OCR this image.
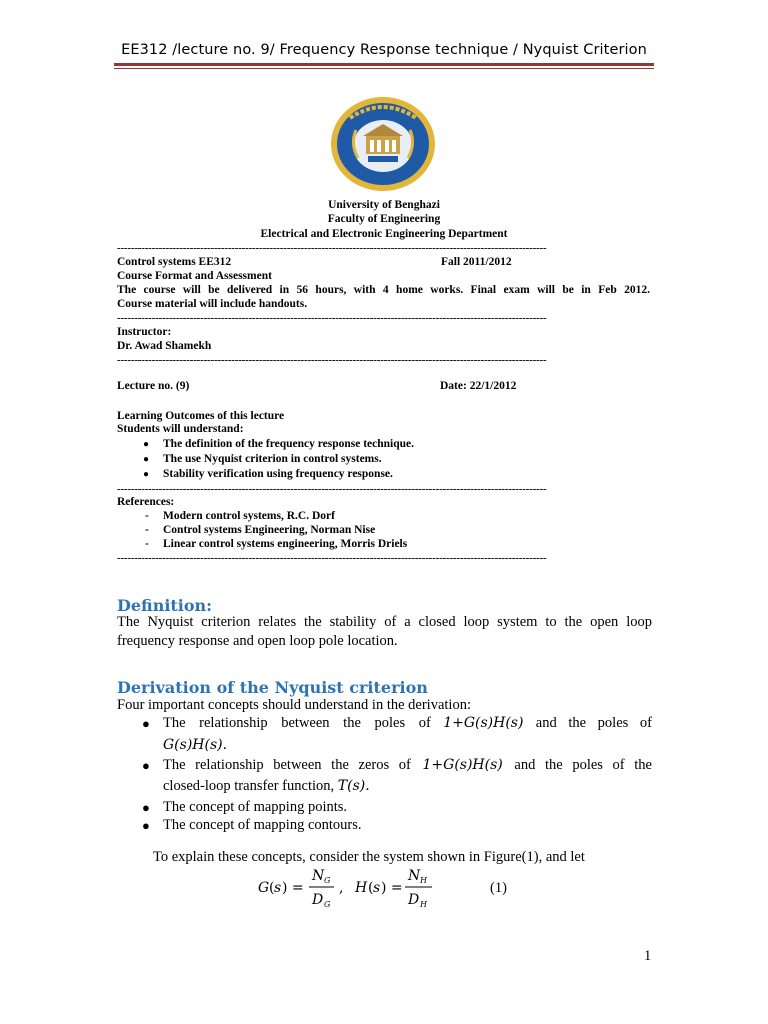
EE312 /lecture no. 9/ Frequency Response technique / Nyquist Criterion
University of Benghazi
Faculty of Engineering
Electrical and Electronic Engineering Department
----------------------------------------------------------------------------------------------------------------------------
Control systems EE312	Fall 2011/2012
Course Format and Assessment
The course will be delivered in 56 hours, with 4 home works. Final exam will be in Feb 2012.
Course material will include handouts.
----------------------------------------------------------------------------------------------------------------------------
Instructor:
Dr. Awad Shamekh
----------------------------------------------------------------------------------------------------------------------------
Lecture no. (9)	Date: 22/1/2012
Learning Outcomes of this lecture
Students will understand:
● The definition of the frequency response technique.
● The use Nyquist criterion in control systems.
● Stability verification using frequency response.
----------------------------------------------------------------------------------------------------------------------------
References:
- Modern control systems, R.C. Dorf
- Control systems Engineering, Norman Nise
- Linear control systems engineering, Morris Driels
----------------------------------------------------------------------------------------------------------------------------
Definition:
The Nyquist criterion relates the stability of a closed loop system to the open loop frequency response and open loop pole location.
Derivation of the Nyquist criterion
Four important concepts should understand in the derivation:
● The relationship between the poles of 1+G(s)H(s) and the poles of
G(s)H(s).
● The relationship between the zeros of 1+G(s)H(s) and the poles of the
closed-loop transfer function, T(s).
● The concept of mapping points.
● The concept of mapping contours.
To explain these concepts, consider the system shown in Figure(1), and let
G ( s ) =
N G
D G
, H ( s ) =
N H
D H
(1)
1
